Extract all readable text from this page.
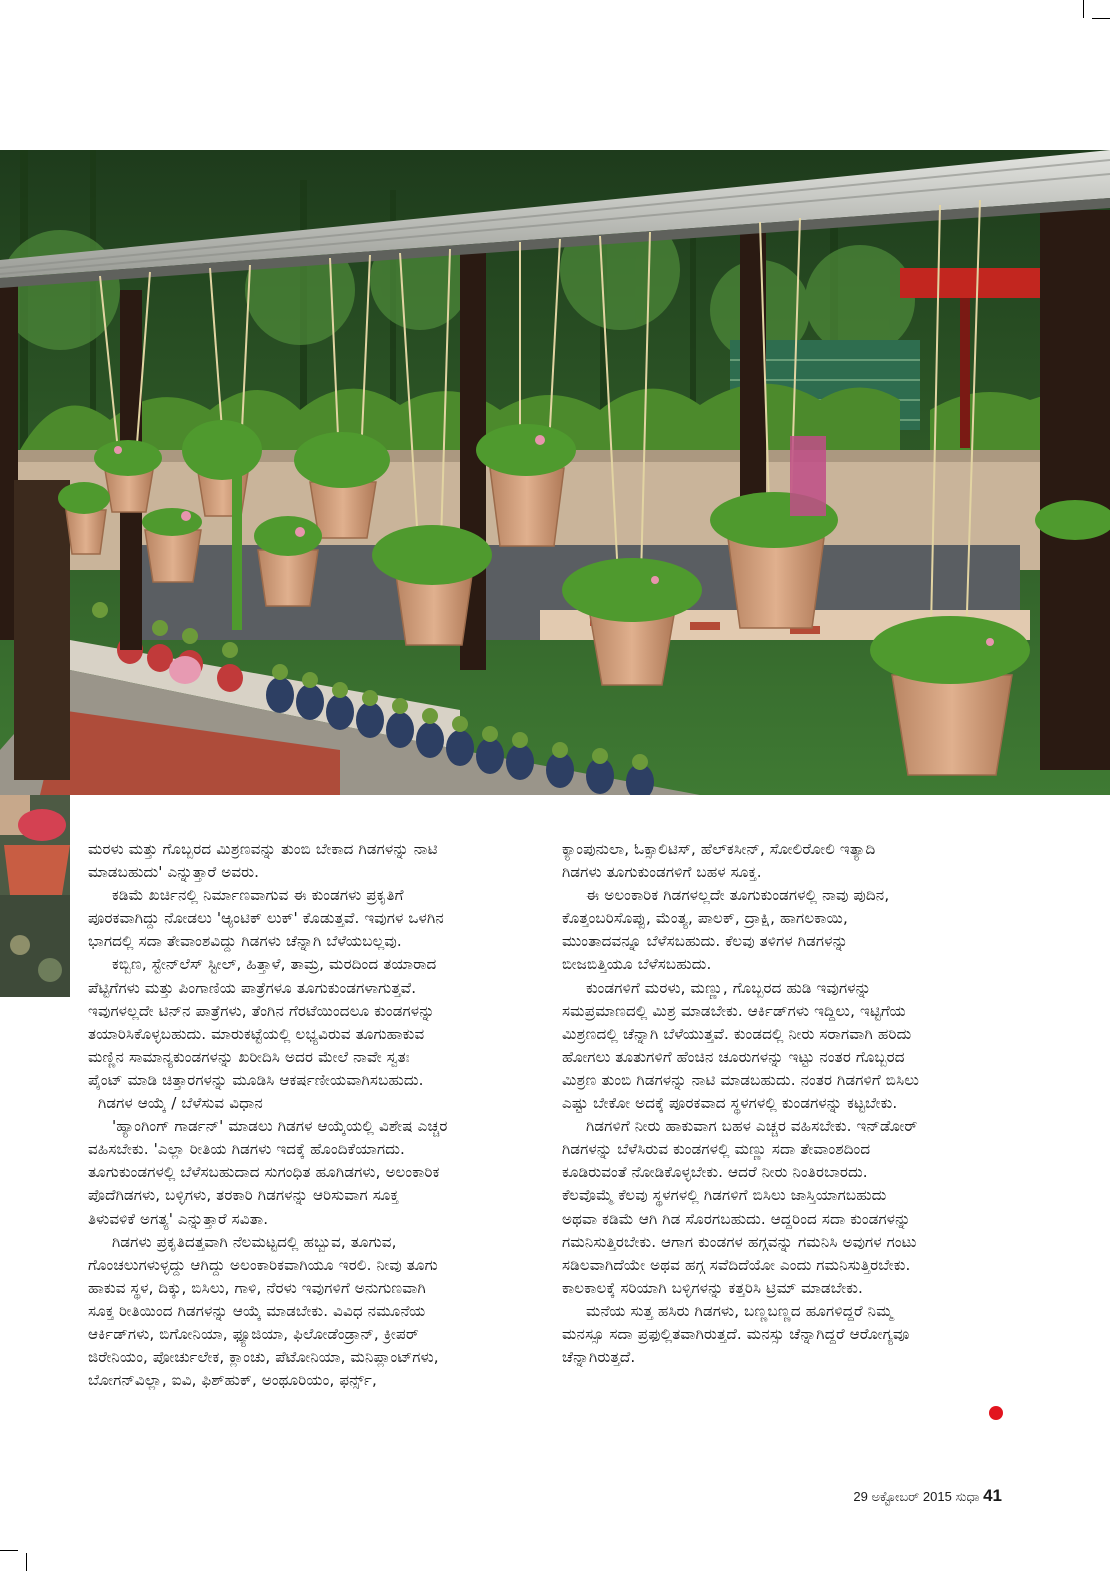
ಮರಳು ಮತ್ತು ಗೊಬ್ಬರದ ಮಿಶ್ರಣವನ್ನು ತುಂಬಿ ಬೇಕಾದ ಗಿಡಗಳನ್ನು ನಾಟಿ

ಮಾಡಬಹುದು' ಎನ್ನುತ್ತಾರೆ ಅವರು.

ಕಡಿಮೆ ಖರ್ಚಿನಲ್ಲಿ ನಿರ್ಮಾಣವಾಗುವ ಈ ಕುಂಡಗಳು ಪ್ರಕೃತಿಗೆ

ಪೂರಕವಾಗಿದ್ದು ನೋಡಲು 'ಆ್ಯಂಟಿಕ್ ಲುಕ್' ಕೊಡುತ್ತವೆ. ಇವುಗಳ ಒಳಗಿನ

ಭಾಗದಲ್ಲಿ ಸದಾ ತೇವಾಂಶವಿದ್ದು ಗಿಡಗಳು ಚೆನ್ನಾಗಿ ಬೆಳೆಯಬಲ್ಲವು.

ಕಬ್ಬಿಣ, ಸ್ಟೇನ್‌ಲೆಸ್ ಸ್ಟೀಲ್, ಹಿತ್ತಾಳೆ, ತಾಮ್ರ, ಮರದಿಂದ ತಯಾರಾದ

ಪೆಟ್ಟಿಗೆಗಳು ಮತ್ತು ಪಿಂಗಾಣಿಯ ಪಾತ್ರೆಗಳೂ ತೂಗುಕುಂಡಗಳಾಗುತ್ತವೆ.

ಇವುಗಳಲ್ಲದೇ ಟಿನ್‌ನ ಪಾತ್ರೆಗಳು, ತೆಂಗಿನ ಗೆರಟೆಯಿಂದಲೂ ಕುಂಡಗಳನ್ನು

ತಯಾರಿಸಿಕೊಳ್ಳಬಹುದು. ಮಾರುಕಟ್ಟೆಯಲ್ಲಿ ಲಭ್ಯವಿರುವ ತೂಗುಹಾಕುವ

ಮಣ್ಣಿನ ಸಾಮಾನ್ಯಕುಂಡಗಳನ್ನು ಖರೀದಿಸಿ ಅದರ ಮೇಲೆ ನಾವೇ ಸ್ವತಃ

ಪೈಂಟ್ ಮಾಡಿ ಚಿತ್ತಾರಗಳನ್ನು ಮೂಡಿಸಿ ಆಕರ್ಷಣೀಯವಾಗಿಸಬಹುದು.

ಗಿಡಗಳ ಆಯ್ಕೆ / ಬೆಳೆಸುವ ವಿಧಾನ

'ಹ್ಯಾಂಗಿಂಗ್ ಗಾರ್ಡನ್' ಮಾಡಲು ಗಿಡಗಳ ಆಯ್ಕೆಯಲ್ಲಿ ವಿಶೇಷ ಎಚ್ಚರ

ವಹಿಸಬೇಕು. 'ಎಲ್ಲಾ ರೀತಿಯ ಗಿಡಗಳು ಇದಕ್ಕೆ ಹೊಂದಿಕೆಯಾಗದು.

ತೂಗುಕುಂಡಗಳಲ್ಲಿ ಬೆಳೆಸಬಹುದಾದ ಸುಗಂಧಿತ ಹೂಗಿಡಗಳು, ಅಲಂಕಾರಿಕ

ಪೊದೆಗಿಡಗಳು, ಬಳ್ಳಿಗಳು, ತರಕಾರಿ ಗಿಡಗಳನ್ನು ಆರಿಸುವಾಗ ಸೂಕ್ತ

ತಿಳುವಳಿಕೆ ಅಗತ್ಯ' ಎನ್ನುತ್ತಾರೆ ಸವಿತಾ.

ಗಿಡಗಳು ಪ್ರಕೃತಿದತ್ತವಾಗಿ ನೆಲಮಟ್ಟದಲ್ಲಿ ಹಬ್ಬುವ, ತೂಗುವ,

ಗೊಂಚಲುಗಳುಳ್ಳದ್ದು ಆಗಿದ್ದು ಅಲಂಕಾರಿಕವಾಗಿಯೂ ಇರಲಿ. ನೀವು ತೂಗು

ಹಾಕುವ ಸ್ಥಳ, ದಿಕ್ಕು, ಬಿಸಿಲು, ಗಾಳಿ, ನೆರಳು ಇವುಗಳಿಗೆ ಅನುಗುಣವಾಗಿ

ಸೂಕ್ತ ರೀತಿಯಿಂದ ಗಿಡಗಳನ್ನು ಆಯ್ಕೆ ಮಾಡಬೇಕು. ವಿವಿಧ ನಮೂನೆಯ

ಆರ್ಕಿಡ್‌ಗಳು, ಬಿಗೋನಿಯಾ, ಫ್ಯೂಜಿಯಾ, ಫಿಲೋಡೆಂಡ್ರಾನ್, ಕ್ರೀಪರ್

ಜಿರೇನಿಯಂ, ಪೋರ್ಚುಲೇಕ, ಕ್ಲಾಂಚು, ಪೆಟೋನಿಯಾ, ಮನಿಪ್ಲಾಂಟ್‌ಗಳು,

ಬೋಗನ್‌ವಿಲ್ಲಾ, ಐವಿ, ಫಿಶ್‌ಹುಕ್, ಅಂಥೂರಿಯಂ, ಫರ್ನ್ಸ್,

ಕ್ಯಾಂಪುನುಲಾ, ಓಕ್ಸಾಲಿಟಿಸ್, ಹೆಲ್‌ಕಸೀನ್, ಸೋಲಿರೋಲಿ ಇತ್ಯಾದಿ

ಗಿಡಗಳು ತೂಗುಕುಂಡಗಳಿಗೆ ಬಹಳ ಸೂಕ್ತ.

ಈ ಅಲಂಕಾರಿಕ ಗಿಡಗಳಲ್ಲದೇ ತೂಗುಕುಂಡಗಳಲ್ಲಿ ನಾವು ಪುದಿನ,

ಕೊತ್ತಂಬರಿಸೊಪ್ಪು, ಮೆಂತ್ಯ, ಪಾಲಕ್, ದ್ರಾಕ್ಷಿ, ಹಾಗಲಕಾಯಿ,

ಮುಂತಾದವನ್ನೂ ಬೆಳೆಸಬಹುದು. ಕೆಲವು ತಳಿಗಳ ಗಿಡಗಳನ್ನು

ಬೀಜಬಿತ್ತಿಯೂ ಬೆಳೆಸಬಹುದು.

ಕುಂಡಗಳಿಗೆ ಮರಳು, ಮಣ್ಣು, ಗೊಬ್ಬರದ ಹುಡಿ ಇವುಗಳನ್ನು

ಸಮಪ್ರಮಾಣದಲ್ಲಿ ಮಿಶ್ರ ಮಾಡಬೇಕು. ಆರ್ಕಿಡ್‌ಗಳು ಇದ್ದಿಲು, ಇಟ್ಟಿಗೆಯ

ಮಿಶ್ರಣದಲ್ಲಿ ಚೆನ್ನಾಗಿ ಬೆಳೆಯುತ್ತವೆ. ಕುಂಡದಲ್ಲಿ ನೀರು ಸರಾಗವಾಗಿ ಹರಿದು

ಹೋಗಲು ತೂತುಗಳಿಗೆ ಹೆಂಚಿನ ಚೂರುಗಳನ್ನು ಇಟ್ಟು ನಂತರ ಗೊಬ್ಬರದ

ಮಿಶ್ರಣ ತುಂಬಿ ಗಿಡಗಳನ್ನು ನಾಟಿ ಮಾಡಬಹುದು. ನಂತರ ಗಿಡಗಳಿಗೆ ಬಿಸಿಲು

ಎಷ್ಟು ಬೇಕೋ ಅದಕ್ಕೆ ಪೂರಕವಾದ ಸ್ಥಳಗಳಲ್ಲಿ ಕುಂಡಗಳನ್ನು ಕಟ್ಟಬೇಕು.

ಗಿಡಗಳಿಗೆ ನೀರು ಹಾಕುವಾಗ ಬಹಳ ಎಚ್ಚರ ವಹಿಸಬೇಕು. ಇನ್‌ಡೋರ್

ಗಿಡಗಳನ್ನು ಬೆಳೆಸಿರುವ ಕುಂಡಗಳಲ್ಲಿ ಮಣ್ಣು ಸದಾ ತೇವಾಂಶದಿಂದ

ಕೂಡಿರುವಂತೆ ನೋಡಿಕೊಳ್ಳಬೇಕು. ಆದರೆ ನೀರು ನಿಂತಿರಬಾರದು.

ಕೆಲವೊಮ್ಮೆ ಕೆಲವು ಸ್ಥಳಗಳಲ್ಲಿ ಗಿಡಗಳಿಗೆ ಬಿಸಿಲು ಜಾಸ್ತಿಯಾಗಬಹುದು

ಅಥವಾ ಕಡಿಮೆ ಆಗಿ ಗಿಡ ಸೊರಗಬಹುದು. ಆದ್ದರಿಂದ ಸದಾ ಕುಂಡಗಳನ್ನು

ಗಮನಿಸುತ್ತಿರಬೇಕು. ಆಗಾಗ ಕುಂಡಗಳ ಹಗ್ಗವನ್ನು ಗಮನಿಸಿ ಅವುಗಳ ಗಂಟು

ಸಡಿಲವಾಗಿದೆಯೇ ಅಥವ ಹಗ್ಗ ಸವೆದಿದೆಯೋ ಎಂದು ಗಮನಿಸುತ್ತಿರಬೇಕು.

ಕಾಲಕಾಲಕ್ಕೆ ಸರಿಯಾಗಿ ಬಳ್ಳಿಗಳನ್ನು ಕತ್ತರಿಸಿ ಟ್ರಿಮ್ ಮಾಡಬೇಕು.

ಮನೆಯ ಸುತ್ತ ಹಸಿರು ಗಿಡಗಳು, ಬಣ್ಣಬಣ್ಣದ ಹೂಗಳಿದ್ದರೆ ನಿಮ್ಮ

ಮನಸ್ಸೂ ಸದಾ ಪ್ರಫುಲ್ಲಿತವಾಗಿರುತ್ತದೆ. ಮನಸ್ಸು ಚೆನ್ನಾಗಿದ್ದರೆ ಆರೋಗ್ಯವೂ

ಚೆನ್ನಾಗಿರುತ್ತದೆ.

29 ಅಕ್ಟೋಬರ್ 2015 ಸುಧಾ 41
